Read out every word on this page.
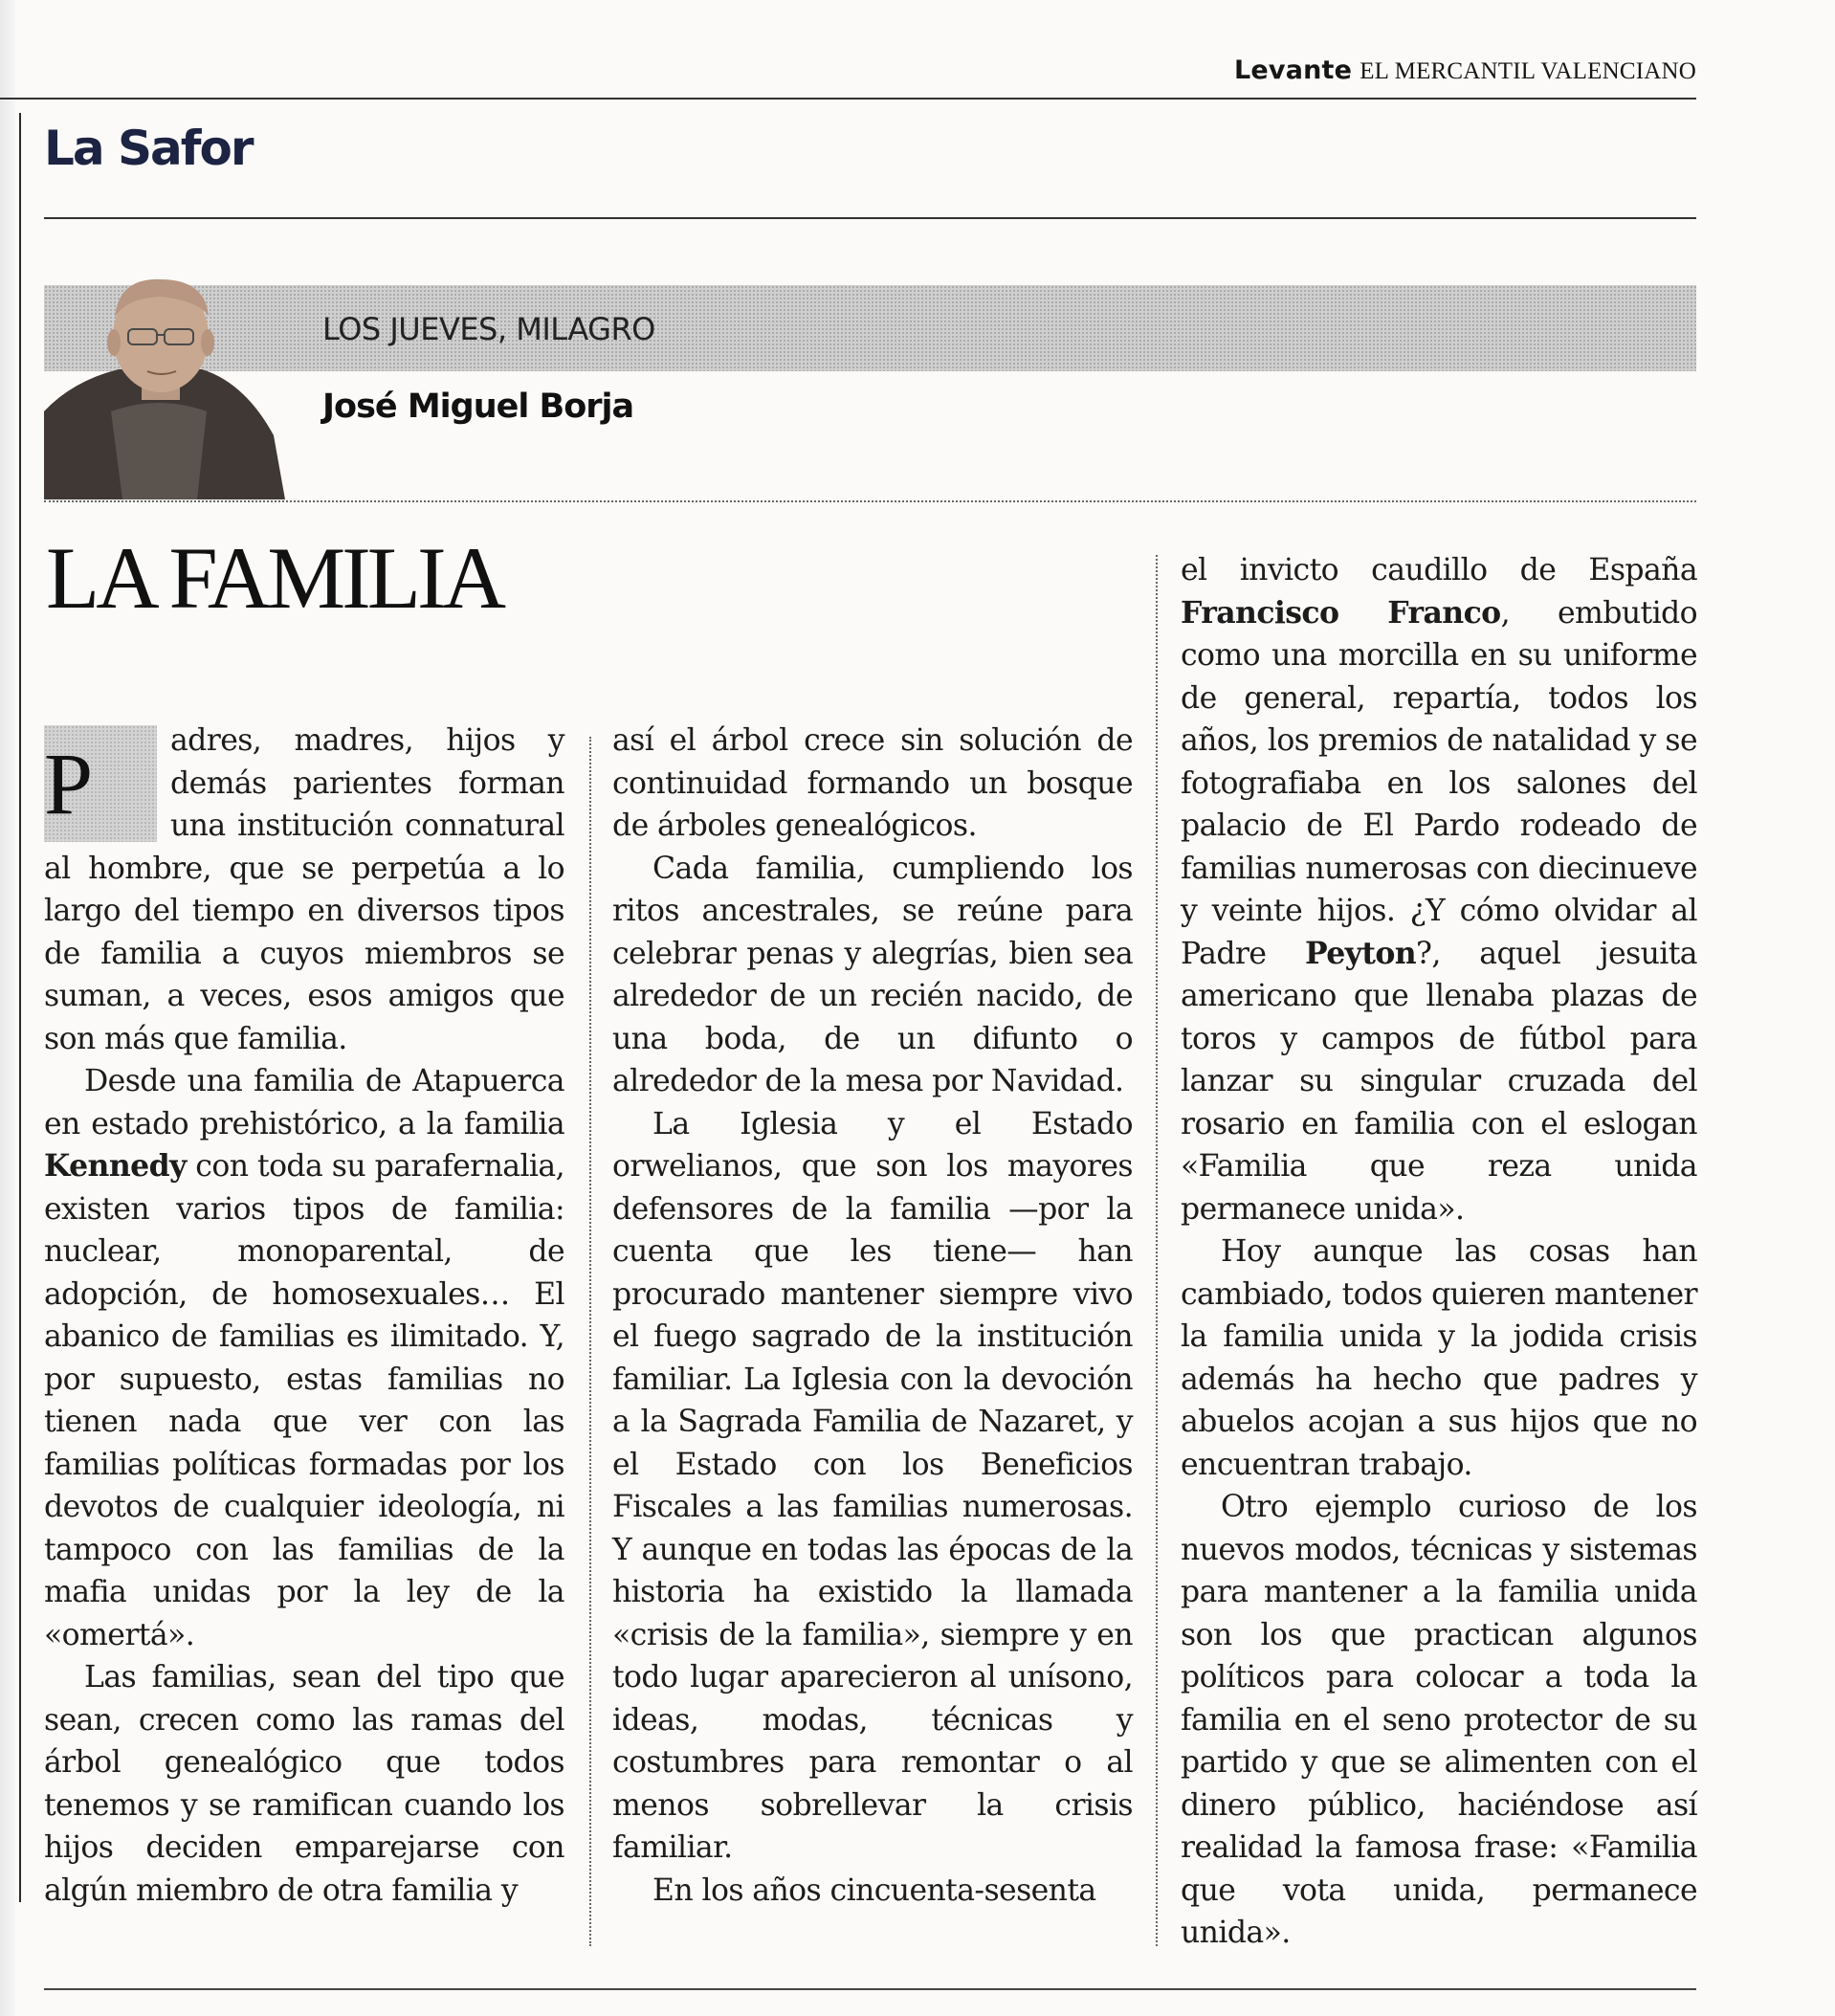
Levante EL MERCANTIL VALENCIANO
La Safor
LOS JUEVES, MILAGRO
José Miguel Borja
LA FAMILIA

P	adres, madres, hijos y demás parientes forman una institución connatural al hombre, que se perpetúa a lo largo del tiempo en diversos tipos de familia a cuyos miembros se suman, a veces, esos amigos que son más que familia.

Desde una familia de Atapuerca en estado prehistórico, a la familia Kennedy con toda su parafernalia, existen varios tipos de familia: nuclear, monoparental, de adopción, de homosexuales… El abanico de familias es ilimitado. Y, por supuesto, estas familias no tienen nada que ver con las familias políticas formadas por los devotos de cualquier ideología, ni tampoco con las familias de la mafia unidas por la ley de la «omertá».

Las familias, sean del tipo que sean, crecen como las ramas del árbol genealógico que todos tenemos y se ramifican cuando los hijos deciden emparejarse con algún miembro de otra familia y

así el árbol crece sin solución de continuidad formando un bosque de árboles genealógicos.

Cada familia, cumpliendo los ritos ancestrales, se reúne para celebrar penas y alegrías, bien sea alrededor de un recién nacido, de una boda, de un difunto o alrededor de la mesa por Navidad.

La Iglesia y el Estado orwelianos, que son los mayores defensores de la familia —por la cuenta que les tiene— han procurado mantener siempre vivo el fuego sagrado de la institución familiar. La Iglesia con la devoción a la Sagrada Familia de Nazaret, y el Estado con los Beneficios Fiscales a las familias numerosas. Y aunque en todas las épocas de la historia ha existido la llamada «crisis de la familia», siempre y en todo lugar aparecieron al unísono, ideas, modas, técnicas y costumbres para remontar o al menos sobrellevar la crisis familiar.

En los años cincuenta-sesenta

el invicto caudillo de España Francisco Franco, embutido como una morcilla en su uniforme de general, repartía, todos los años, los premios de natalidad y se fotografiaba en los salones del palacio de El Pardo rodeado de familias numerosas con diecinueve y veinte hijos. ¿Y cómo olvidar al Padre Peyton?, aquel jesuita americano que llenaba plazas de toros y campos de fútbol para lanzar su singular cruzada del rosario en familia con el eslogan «Familia que reza unida permanece unida».

Hoy aunque las cosas han cambiado, todos quieren mantener la familia unida y la jodida crisis además ha hecho que padres y abuelos acojan a sus hijos que no encuentran trabajo.

Otro ejemplo curioso de los nuevos modos, técnicas y sistemas para mantener a la familia unida son los que practican algunos políticos para colocar a toda la familia en el seno protector de su partido y que se alimenten con el dinero público, haciéndose así realidad la famosa frase: «Familia que vota unida, permanece unida».
